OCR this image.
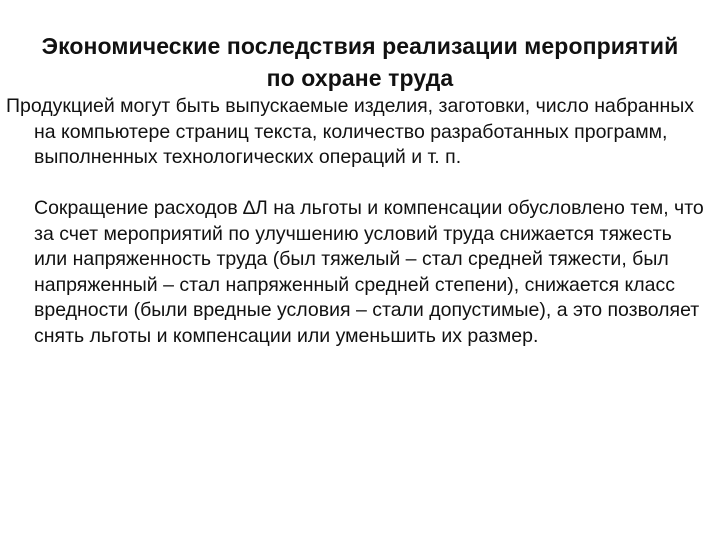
Экономические последствия реализации мероприятий по охране труда

Продукцией могут быть выпускаемые изделия, заготовки, число набранных на компьютере страниц текста, количество разработанных программ, выполненных технологических операций и т. п.

Сокращение расходов ∆Л на льготы и компенсации обусловлено тем, что за счет мероприятий по улучшению условий труда снижается тяжесть или напряженность труда (был тяжелый – стал средней тяжести, был напряженный – стал напряженный средней степени), снижается класс вредности (были вредные условия – стали допустимые), а это позволяет снять льготы и компенсации или уменьшить их размер.
